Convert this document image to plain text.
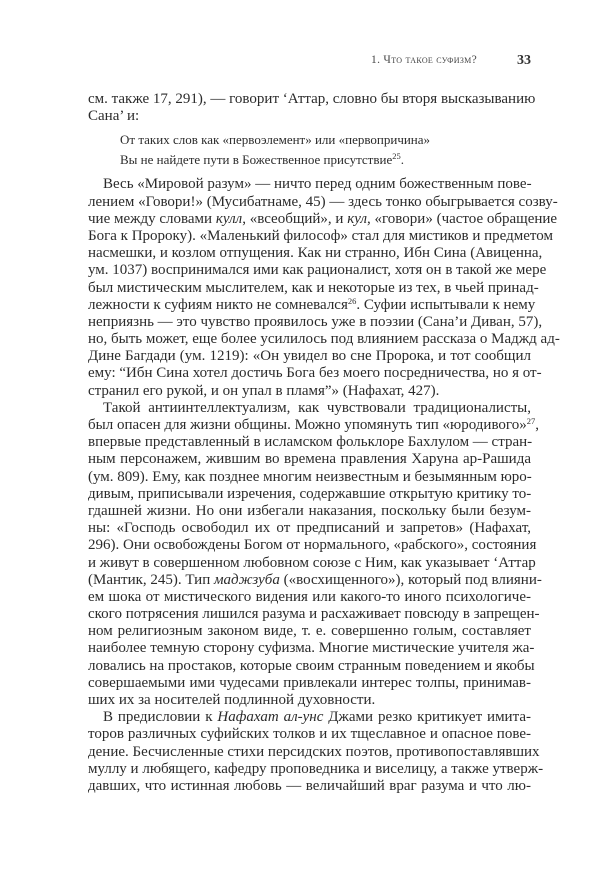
1. Что такое суфизм?	33
см. также 17, 291), — говорит ‘Аттар, словно бы вторя высказыванию
Сана’ и:
От таких слов как «первоэлемент» или «первопричина»
Вы не найдете пути в Божественное присутствие$^{25}$.
Весь «Мировой разум» — ничто перед одним божественным пове-
лением «Говори!» (Мусибатнаме, 45) — здесь тонко обыгрывается созву-
чие между словами кулл, «всеобщий», и кул, «говори» (частое обращение
Бога к Пророку). «Маленький философ» стал для мистиков и предметом
насмешки, и козлом отпущения. Как ни странно, Ибн Сина (Авиценна,
ум. 1037) воспринимался ими как рационалист, хотя он в такой же мере
был мистическим мыслителем, как и некоторые из тех, в чьей принад-
лежности к суфиям никто не сомневался$^{26}$. Суфии испытывали к нему
неприязнь — это чувство проявилось уже в поэзии (Сана’и Диван, 57),
но, быть может, еще более усилилось под влиянием рассказа о Маджд ад-
Дине Багдади (ум. 1219): «Он увидел во сне Пророка, и тот сообщил
ему: “Ибн Сина хотел достичь Бога без моего посредничества, но я от-
странил его рукой, и он упал в пламя”» (Нафахат, 427).
Такой антиинтеллектуализм, как чувствовали традиционалисты,
был опасен для жизни общины. Можно упомянуть тип «юродивого»$^{27}$,
впервые представленный в исламском фольклоре Бахлулом — стран-
ным персонажем, жившим во времена правления Харуна ар-Рашида
(ум. 809). Ему, как позднее многим неизвестным и безымянным юро-
дивым, приписывали изречения, содержавшие открытую критику то-
гдашней жизни. Но они избегали наказания, поскольку были безум-
ны: «Господь освободил их от предписаний и запретов» (Нафахат,
296). Они освобождены Богом от нормального, «рабского», состояния
и живут в совершенном любовном союзе с Ним, как указывает ‘Аттар
(Мантик, 245). Тип маджзуба («восхищенного»), который под влияни-
ем шока от мистического видения или какого-то иного психологиче-
ского потрясения лишился разума и расхаживает повсюду в запрещен-
ном религиозным законом виде, т. е. совершенно голым, составляет
наиболее темную сторону суфизма. Многие мистические учителя жа-
ловались на простаков, которые своим странным поведением и якобы
совершаемыми ими чудесами привлекали интерес толпы, принимав-
ших их за носителей подлинной духовности.
В предисловии к Нафахат ал-унс Джами резко критикует имита-
торов различных суфийских толков и их тщеславное и опасное пове-
дение. Бесчисленные стихи персидских поэтов, противопоставлявших
муллу и любящего, кафедру проповедника и виселицу, а также утверж-
давших, что истинная любовь — величайший враг разума и что лю-
